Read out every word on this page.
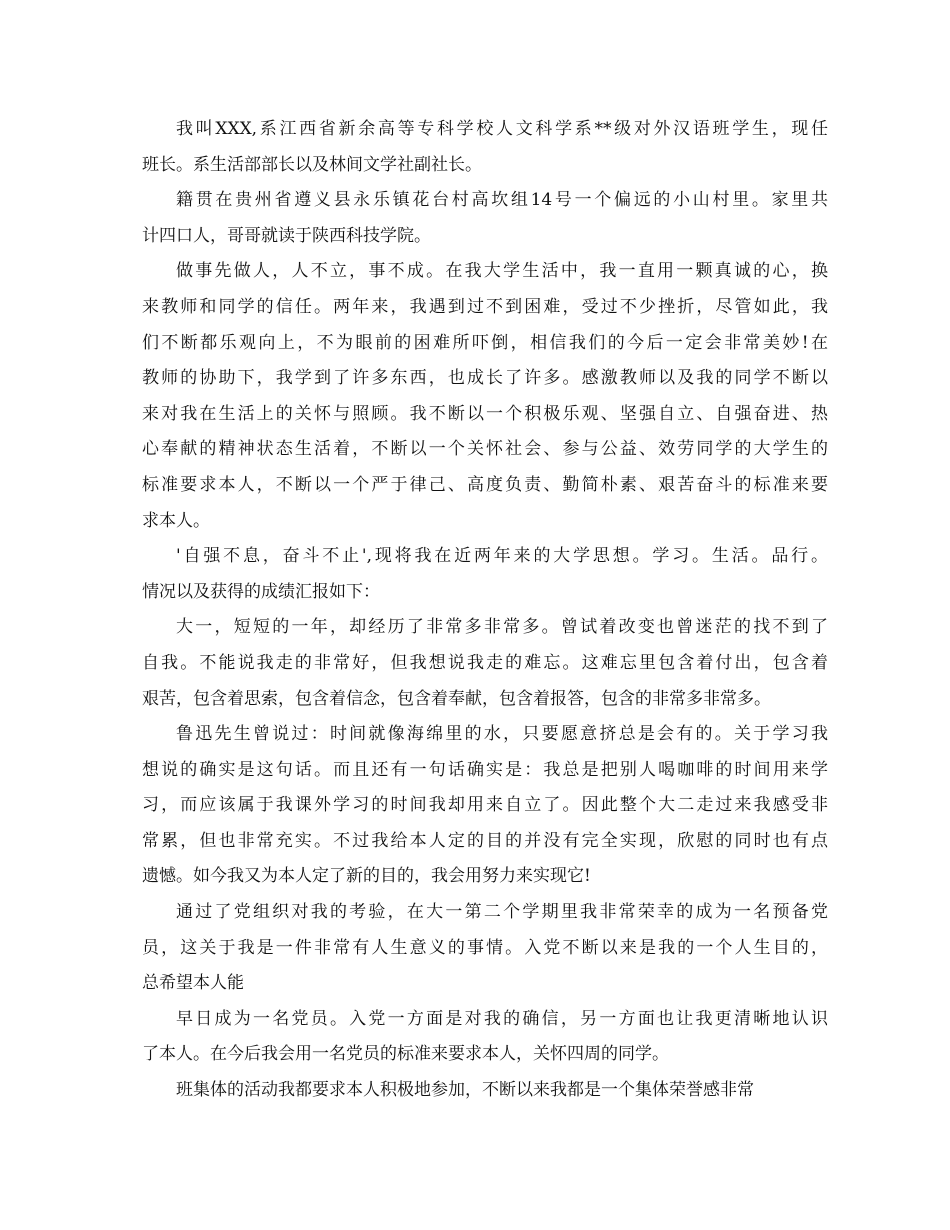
我叫XXX,系江西省新余高等专科学校人文科学系**级对外汉语班学生，现任
班长。系生活部部长以及林间文学社副社长。
籍贯在贵州省遵义县永乐镇花台村高坎组14号一个偏远的小山村里。家里共
计四口人，哥哥就读于陕西科技学院。
做事先做人，人不立，事不成。在我大学生活中，我一直用一颗真诚的心，换
来教师和同学的信任。两年来，我遇到过不到困难，受过不少挫折，尽管如此，我
们不断都乐观向上，不为眼前的困难所吓倒，相信我们的今后一定会非常美妙!在
教师的协助下，我学到了许多东西，也成长了许多。感激教师以及我的同学不断以
来对我在生活上的关怀与照顾。我不断以一个积极乐观、坚强自立、自强奋进、热
心奉献的精神状态生活着，不断以一个关怀社会、参与公益、效劳同学的大学生的
标准要求本人，不断以一个严于律己、高度负责、勤简朴素、艰苦奋斗的标准来要
求本人。
'自强不息，奋斗不止',现将我在近两年来的大学思想。学习。生活。品行。
情况以及获得的成绩汇报如下：
大一，短短的一年，却经历了非常多非常多。曾试着改变也曾迷茫的找不到了
自我。不能说我走的非常好，但我想说我走的难忘。这难忘里包含着付出，包含着
艰苦，包含着思索，包含着信念，包含着奉献，包含着报答，包含的非常多非常多。
鲁迅先生曾说过：时间就像海绵里的水，只要愿意挤总是会有的。关于学习我
想说的确实是这句话。而且还有一句话确实是：我总是把别人喝咖啡的时间用来学
习，而应该属于我课外学习的时间我却用来自立了。因此整个大二走过来我感受非
常累，但也非常充实。不过我给本人定的目的并没有完全实现，欣慰的同时也有点
遗憾。如今我又为本人定了新的目的，我会用努力来实现它!
通过了党组织对我的考验，在大一第二个学期里我非常荣幸的成为一名预备党
员，这关于我是一件非常有人生意义的事情。入党不断以来是我的一个人生目的，
总希望本人能
早日成为一名党员。入党一方面是对我的确信，另一方面也让我更清晰地认识
了本人。在今后我会用一名党员的标准来要求本人，关怀四周的同学。
班集体的活动我都要求本人积极地参加，不断以来我都是一个集体荣誉感非常
